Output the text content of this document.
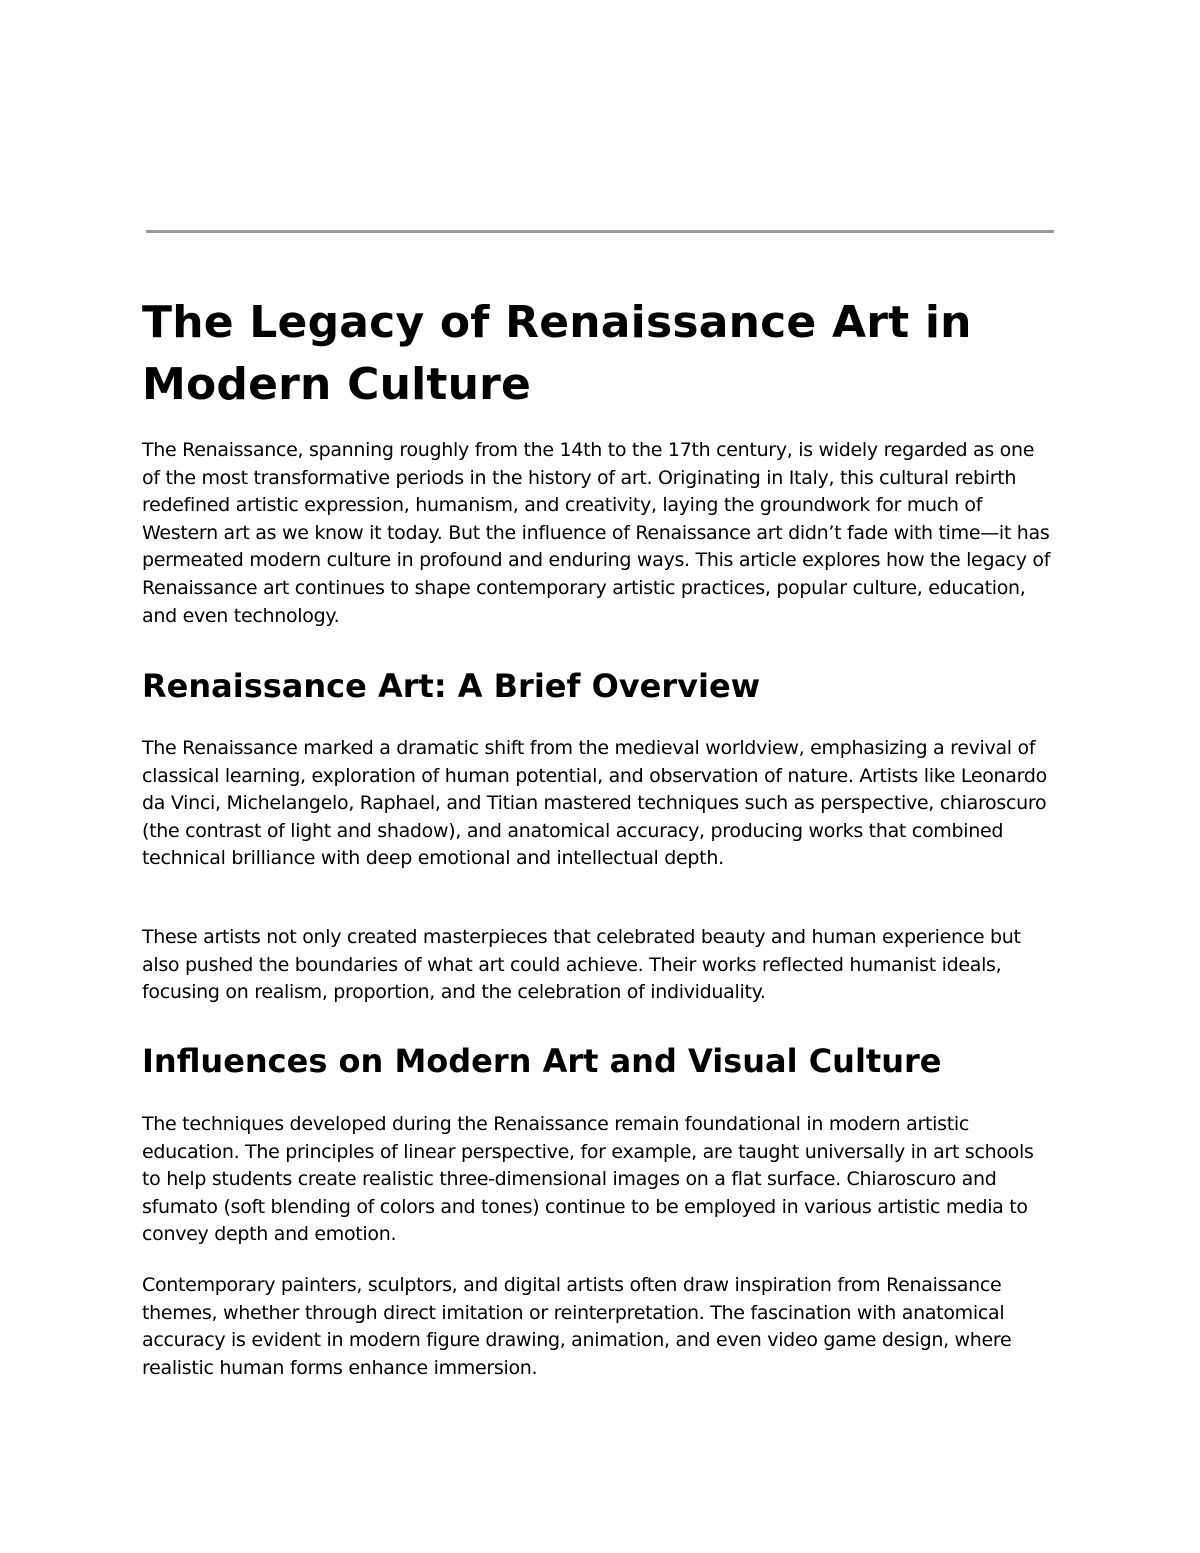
The Legacy of Renaissance Art in Modern Culture

The Renaissance, spanning roughly from the 14th to the 17th century, is widely regarded as one of the most transformative periods in the history of art. Originating in Italy, this cultural rebirth redefined artistic expression, humanism, and creativity, laying the groundwork for much of Western art as we know it today. But the influence of Renaissance art didn’t fade with time—it has permeated modern culture in profound and enduring ways. This article explores how the legacy of Renaissance art continues to shape contemporary artistic practices, popular culture, education, and even technology.

Renaissance Art: A Brief Overview

The Renaissance marked a dramatic shift from the medieval worldview, emphasizing a revival of classical learning, exploration of human potential, and observation of nature. Artists like Leonardo da Vinci, Michelangelo, Raphael, and Titian mastered techniques such as perspective, chiaroscuro (the contrast of light and shadow), and anatomical accuracy, producing works that combined technical brilliance with deep emotional and intellectual depth.

These artists not only created masterpieces that celebrated beauty and human experience but also pushed the boundaries of what art could achieve. Their works reflected humanist ideals, focusing on realism, proportion, and the celebration of individuality.

Influences on Modern Art and Visual Culture

The techniques developed during the Renaissance remain foundational in modern artistic education. The principles of linear perspective, for example, are taught universally in art schools to help students create realistic three-dimensional images on a flat surface. Chiaroscuro and sfumato (soft blending of colors and tones) continue to be employed in various artistic media to convey depth and emotion.

Contemporary painters, sculptors, and digital artists often draw inspiration from Renaissance themes, whether through direct imitation or reinterpretation. The fascination with anatomical accuracy is evident in modern figure drawing, animation, and even video game design, where realistic human forms enhance immersion.
